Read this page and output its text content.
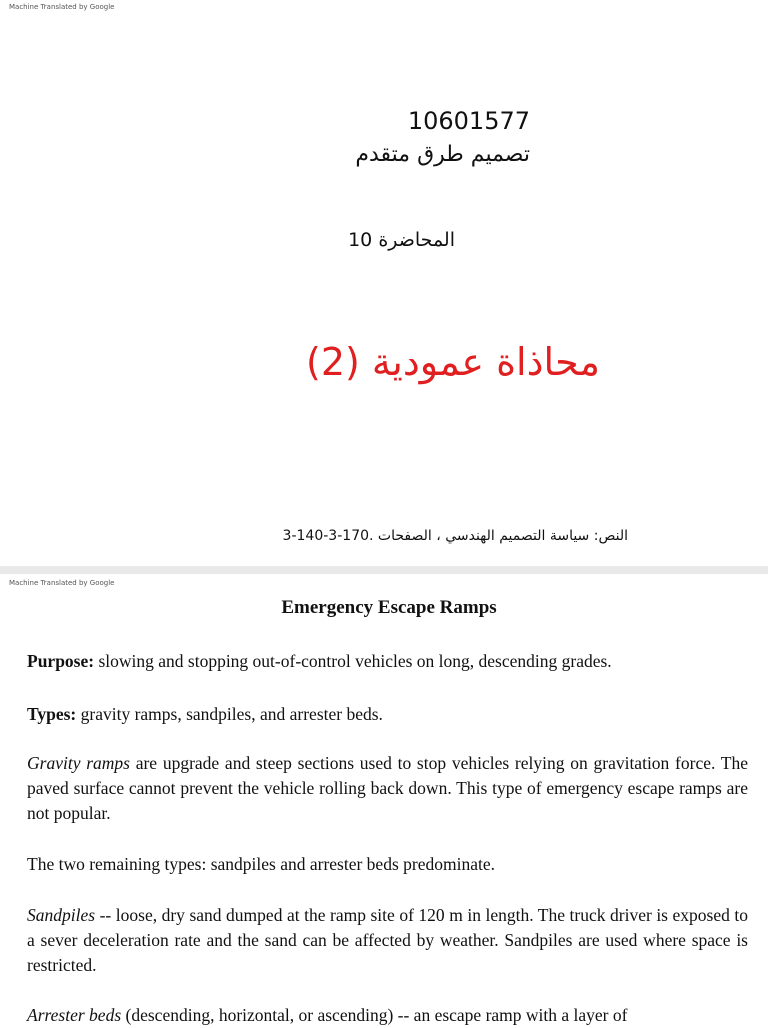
Machine Translated by Google
10601577
تصميم طرق متقدم
المحاضرة 10
محاذاة عمودية (2)
النص: سياسة التصميم الهندسي ، الصفحات .170-3-140-3
Machine Translated by Google
Emergency Escape Ramps
Purpose: slowing and stopping out-of-control vehicles on long, descending grades.
Types: gravity ramps, sandpiles, and arrester beds.
Gravity ramps are upgrade and steep sections used to stop vehicles relying on gravitation force. The paved surface cannot prevent the vehicle rolling back down. This type of emergency escape ramps are not popular.
The two remaining types: sandpiles and arrester beds predominate.
Sandpiles -- loose, dry sand dumped at the ramp site of 120 m in length. The truck driver is exposed to a sever deceleration rate and the sand can be affected by weather. Sandpiles are used where space is restricted.
Arrester beds (descending, horizontal, or ascending) -- an escape ramp with a layer of
